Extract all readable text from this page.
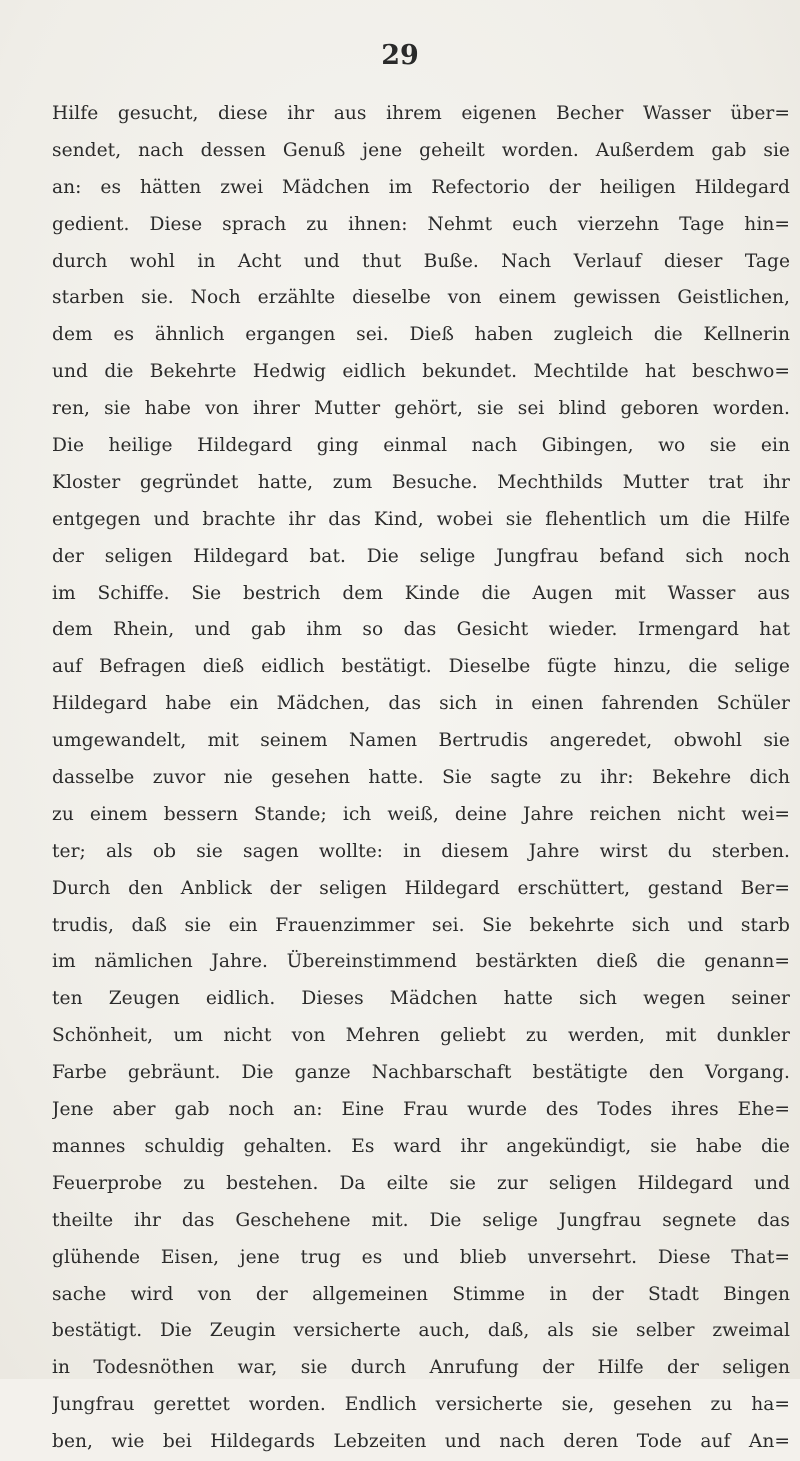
29
Hilfe gesucht, diese ihr aus ihrem eigenen Becher Wasser über=
sendet, nach dessen Genuß jene geheilt worden. Außerdem gab sie
an: es hätten zwei Mädchen im Refectorio der heiligen Hildegard
gedient. Diese sprach zu ihnen: Nehmt euch vierzehn Tage hin=
durch wohl in Acht und thut Buße. Nach Verlauf dieser Tage
starben sie. Noch erzählte dieselbe von einem gewissen Geistlichen,
dem es ähnlich ergangen sei. Dieß haben zugleich die Kellnerin
und die Bekehrte Hedwig eidlich bekundet. Mechtilde hat beschwo=
ren, sie habe von ihrer Mutter gehört, sie sei blind geboren worden.
Die heilige Hildegard ging einmal nach Gibingen, wo sie ein
Kloster gegründet hatte, zum Besuche. Mechthilds Mutter trat ihr
entgegen und brachte ihr das Kind, wobei sie flehentlich um die Hilfe
der seligen Hildegard bat. Die selige Jungfrau befand sich noch
im Schiffe. Sie bestrich dem Kinde die Augen mit Wasser aus
dem Rhein, und gab ihm so das Gesicht wieder. Irmengard hat
auf Befragen dieß eidlich bestätigt. Dieselbe fügte hinzu, die selige
Hildegard habe ein Mädchen, das sich in einen fahrenden Schüler
umgewandelt, mit seinem Namen Bertrudis angeredet, obwohl sie
dasselbe zuvor nie gesehen hatte. Sie sagte zu ihr: Bekehre dich
zu einem bessern Stande; ich weiß, deine Jahre reichen nicht wei=
ter; als ob sie sagen wollte: in diesem Jahre wirst du sterben.
Durch den Anblick der seligen Hildegard erschüttert, gestand Ber=
trudis, daß sie ein Frauenzimmer sei. Sie bekehrte sich und starb
im nämlichen Jahre. Übereinstimmend bestärkten dieß die genann=
ten Zeugen eidlich. Dieses Mädchen hatte sich wegen seiner
Schönheit, um nicht von Mehren geliebt zu werden, mit dunkler
Farbe gebräunt. Die ganze Nachbarschaft bestätigte den Vorgang.
Jene aber gab noch an: Eine Frau wurde des Todes ihres Ehe=
mannes schuldig gehalten. Es ward ihr angekündigt, sie habe die
Feuerprobe zu bestehen. Da eilte sie zur seligen Hildegard und
theilte ihr das Geschehene mit. Die selige Jungfrau segnete das
glühende Eisen, jene trug es und blieb unversehrt. Diese That=
sache wird von der allgemeinen Stimme in der Stadt Bingen
bestätigt. Die Zeugin versicherte auch, daß, als sie selber zweimal
in Todesnöthen war, sie durch Anrufung der Hilfe der seligen
Jungfrau gerettet worden. Endlich versicherte sie, gesehen zu ha=
ben, wie bei Hildegards Lebzeiten und nach deren Tode auf An=
